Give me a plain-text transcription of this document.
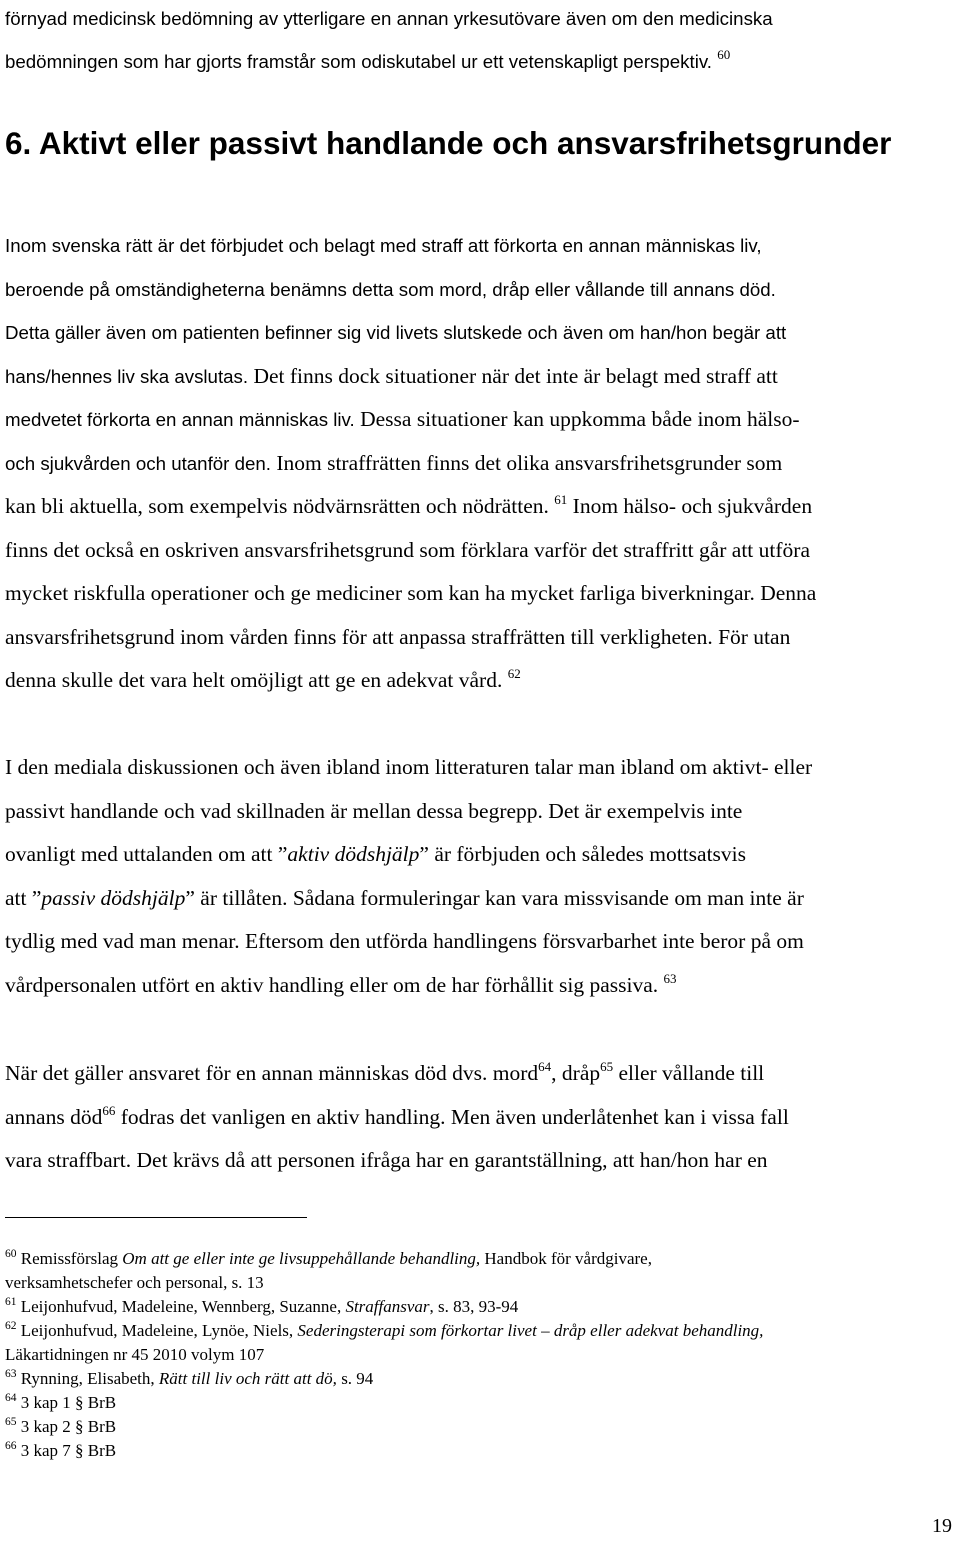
förnyad medicinsk bedömning av ytterligare en annan yrkesutövare även om den medicinska
bedömningen som har gjorts framstår som odiskutabel ur ett vetenskapligt perspektiv. $^{60}$
6. Aktivt eller passivt handlande och ansvarsfrihetsgrunder
Inom svenska rätt är det förbjudet och belagt med straff att förkorta en annan människas liv,
beroende på omständigheterna benämns detta som mord, dråp eller vållande till annans död.
Detta gäller även om patienten befinner sig vid livets slutskede och även om han/hon begär att
hans/hennes liv ska avslutas. Det finns dock situationer när det inte är belagt med straff att
medvetet förkorta en annan människas liv. Dessa situationer kan uppkomma både inom hälso-
och sjukvården och utanför den. Inom straffrätten finns det olika ansvarsfrihetsgrunder som
kan bli aktuella, som exempelvis nödvärnsrätten och nödrätten. $^{61}$ Inom hälso- och sjukvården
finns det också en oskriven ansvarsfrihetsgrund som förklara varför det straffritt går att utföra
mycket riskfulla operationer och ge mediciner som kan ha mycket farliga biverkningar. Denna
ansvarsfrihetsgrund inom vården finns för att anpassa straffrätten till verkligheten. För utan
denna skulle det vara helt omöjligt att ge en adekvat vård. $^{62}$
I den mediala diskussionen och även ibland inom litteraturen talar man ibland om aktivt- eller
passivt handlande och vad skillnaden är mellan dessa begrepp. Det är exempelvis inte
ovanligt med uttalanden om att ”aktiv dödshjälp” är förbjuden och således mottsatsvis
att ”passiv dödshjälp” är tillåten. Sådana formuleringar kan vara missvisande om man inte är
tydlig med vad man menar. Eftersom den utförda handlingens försvarbarhet inte beror på om
vårdpersonalen utfört en aktiv handling eller om de har förhållit sig passiva. $^{63}$
När det gäller ansvaret för en annan människas död dvs. mord$^{64}$, dråp$^{65}$ eller vållande till
annans död$^{66}$ fodras det vanligen en aktiv handling. Men även underlåtenhet kan i vissa fall
vara straffbart. Det krävs då att personen ifråga har en garantställning, att han/hon har en
$^{60}$ Remissförslag Om att ge eller inte ge livsuppehållande behandling, Handbok för vårdgivare,
verksamhetschefer och personal, s. 13
$^{61}$ Leijonhufvud, Madeleine, Wennberg, Suzanne, Straffansvar, s. 83, 93-94
$^{62}$ Leijonhufvud, Madeleine, Lynöe, Niels, Sederingsterapi som förkortar livet – dråp eller adekvat behandling,
Läkartidningen nr 45 2010 volym 107
$^{63}$ Rynning, Elisabeth, Rätt till liv och rätt att dö, s. 94
$^{64}$ 3 kap 1 § BrB
$^{65}$ 3 kap 2 § BrB
$^{66}$ 3 kap 7 § BrB
19
